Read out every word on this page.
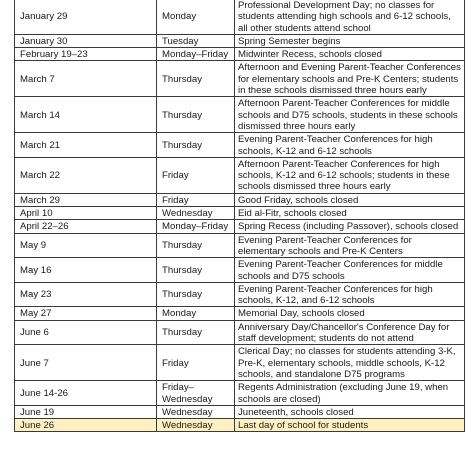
January 29	Monday	Professional Development Day; no classes for students attending high schools and 6-12 schools, all other students attend school
January 30	Tuesday	Spring Semester begins
February 19–23	Monday–Friday	Midwinter Recess, schools closed
March 7	Thursday	Afternoon and Evening Parent-Teacher Conferences for elementary schools and Pre-K Centers; students in these schools dismissed three hours early
March 14	Thursday	Afternoon Parent-Teacher Conferences for middle schools and D75 schools, students in these schools dismissed three hours early
March 21	Thursday	Evening Parent-Teacher Conferences for high schools, K-12 and 6-12 schools
March 22	Friday	Afternoon Parent-Teacher Conferences for high schools, K-12 and 6-12 schools; students in these schools dismissed three hours early
March 29	Friday	Good Friday, schools closed
April 10	Wednesday	Eid al-Fitr, schools closed
April 22–26	Monday–Friday	Spring Recess (including Passover), schools closed
May 9	Thursday	Evening Parent-Teacher Conferences for elementary schools and Pre-K Centers
May 16	Thursday	Evening Parent-Teacher Conferences for middle schools and D75 schools
May 23	Thursday	Evening Parent-Teacher Conferences for high schools, K-12, and 6-12 schools
May 27	Monday	Memorial Day, schools closed
June 6	Thursday	Anniversary Day/Chancellor's Conference Day for staff development; students do not attend
June 7	Friday	Clerical Day; no classes for students attending 3-K, Pre-K, elementary schools, middle schools, K-12 schools, and standalone D75 programs
June 14-26	Friday–Wednesday	Regents Administration (excluding June 19, when schools are closed)
June 19	Wednesday	Juneteenth, schools closed
June 26	Wednesday	Last day of school for students
